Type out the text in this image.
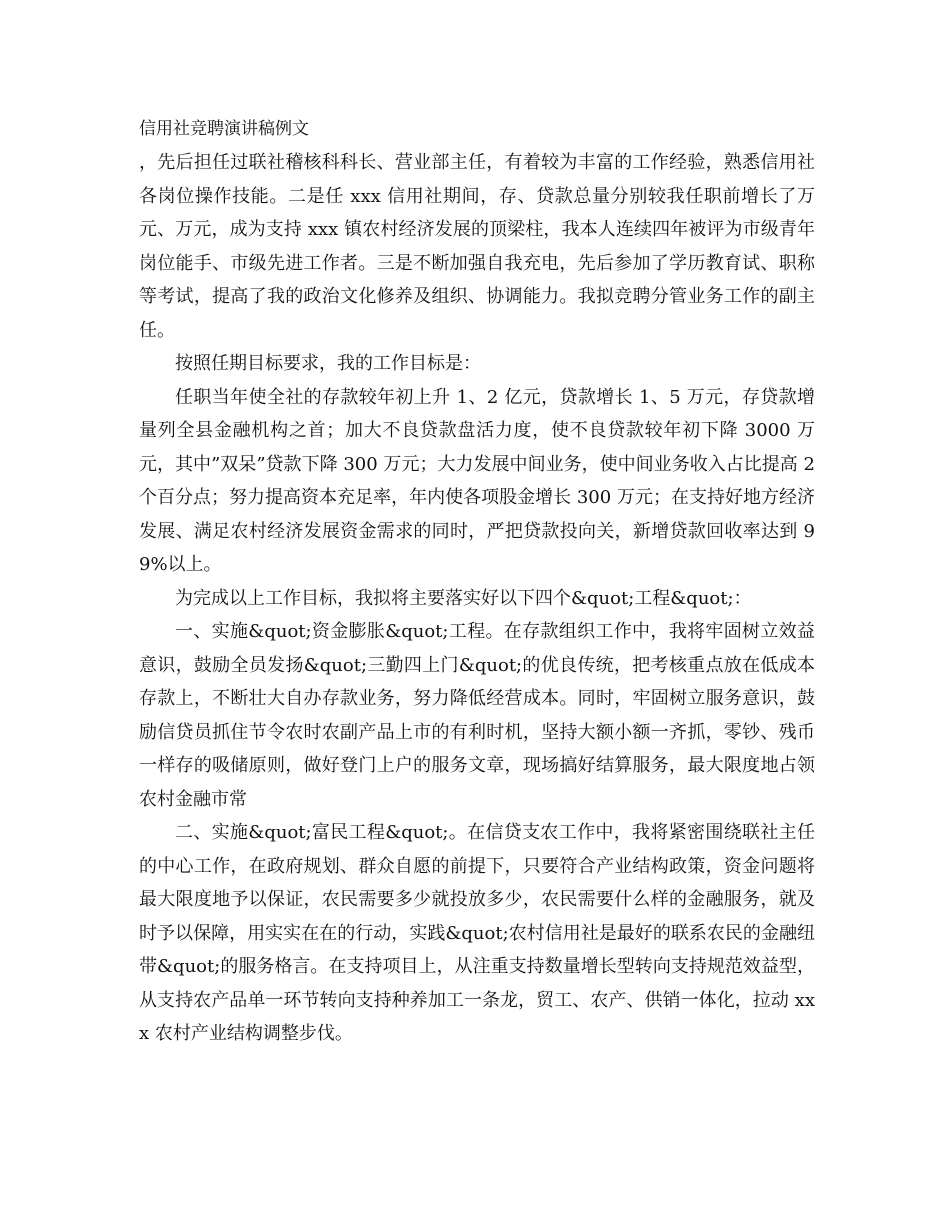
信用社竞聘演讲稿例文

，先后担任过联社稽核科科长、营业部主任，有着较为丰富的工作经验，熟悉信用社各岗位操作技能。二是任 xxx 信用社期间，存、贷款总量分别较我任职前增长了万元、万元，成为支持 xxx 镇农村经济发展的顶梁柱，我本人连续四年被评为市级青年岗位能手、市级先进工作者。三是不断加强自我充电，先后参加了学历教育试、职称等考试，提高了我的政治文化修养及组织、协调能力。我拟竞聘分管业务工作的副主任。

按照任期目标要求，我的工作目标是：

任职当年使全社的存款较年初上升 1、2 亿元，贷款增长 1、5 万元，存贷款增量列全县金融机构之首；加大不良贷款盘活力度，使不良贷款较年初下降 3000 万元，其中”双呆”贷款下降 300 万元；大力发展中间业务，使中间业务收入占比提高 2 个百分点；努力提高资本充足率，年内使各项股金增长 300 万元；在支持好地方经济发展、满足农村经济发展资金需求的同时，严把贷款投向关，新增贷款回收率达到 99%以上。

为完成以上工作目标，我拟将主要落实好以下四个&quot;工程&quot;：

一、实施&quot;资金膨胀&quot;工程。在存款组织工作中，我将牢固树立效益意识，鼓励全员发扬&quot;三勤四上门&quot;的优良传统，把考核重点放在低成本存款上，不断壮大自办存款业务，努力降低经营成本。同时，牢固树立服务意识，鼓励信贷员抓住节令农时农副产品上市的有利时机，坚持大额小额一齐抓，零钞、残币一样存的吸储原则，做好登门上户的服务文章，现场搞好结算服务，最大限度地占领农村金融市常

二、实施&quot;富民工程&quot;。在信贷支农工作中，我将紧密围绕联社主任的中心工作，在政府规划、群众自愿的前提下，只要符合产业结构政策，资金问题将最大限度地予以保证，农民需要多少就投放多少，农民需要什么样的金融服务，就及时予以保障，用实实在在的行动，实践&quot;农村信用社是最好的联系农民的金融纽带&quot;的服务格言。在支持项目上，从注重支持数量增长型转向支持规范效益型，从支持农产品单一环节转向支持种养加工一条龙，贸工、农产、供销一体化，拉动 xxx 农村产业结构调整步伐。
